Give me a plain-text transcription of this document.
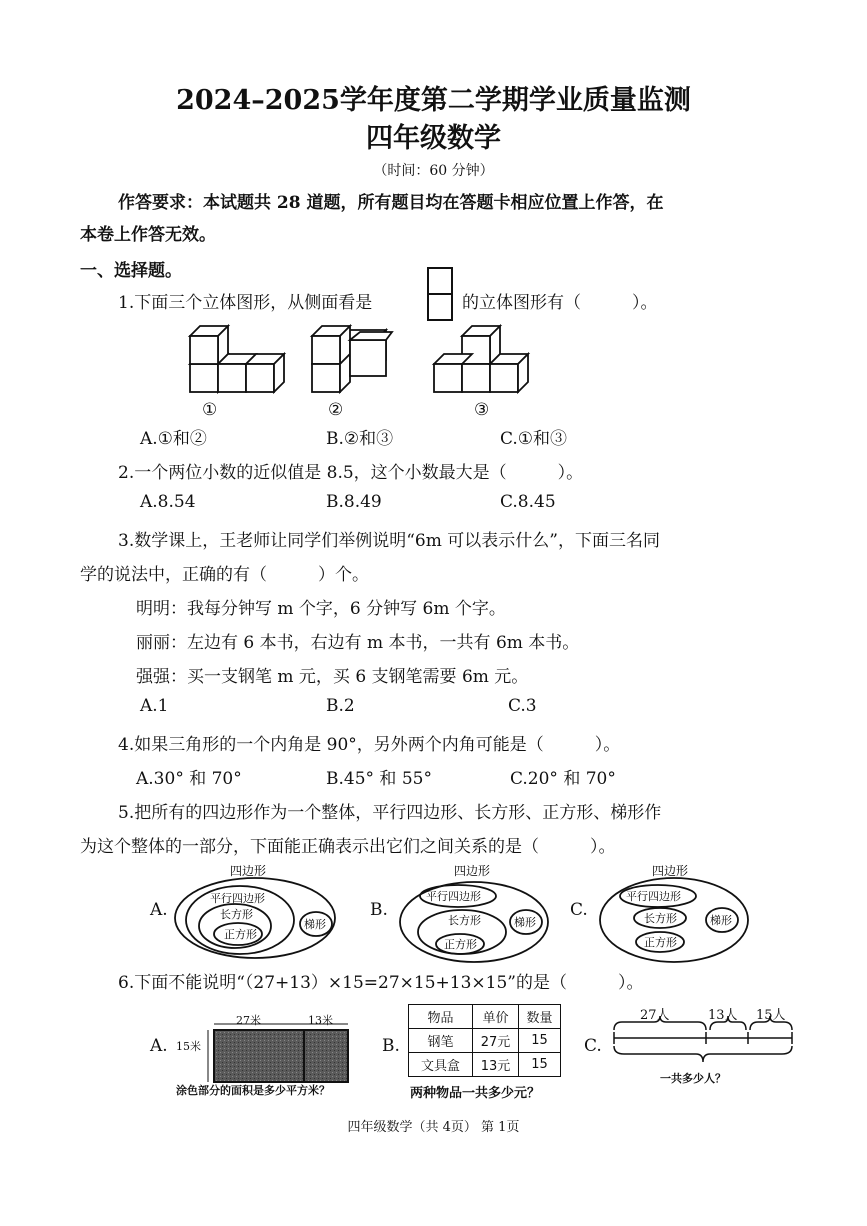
2024–2025学年度第二学期学业质量监测
四年级数学
（时间：60 分钟）
作答要求：本试题共 28 道题，所有题目均在答题卡相应位置上作答，在
本卷上作答无效。
一、选择题。
1.下面三个立体图形，从侧面看是	的立体图形有（　　　）。
①	②	③
A.①和②	B.②和③	C.①和③
2.一个两位小数的近似值是 8.5，这个小数最大是（　　　）。
A.8.54	B.8.49	C.8.45
3.数学课上，王老师让同学们举例说明“6m 可以表示什么”，下面三名同
学的说法中，正确的有（　　　）个。
明明：我每分钟写 m 个字，6 分钟写 6m 个字。
丽丽：左边有 6 本书，右边有 m 本书，一共有 6m 本书。
强强：买一支钢笔 m 元，买 6 支钢笔需要 6m 元。
A.1	B.2	C.3
4.如果三角形的一个内角是 90°，另外两个内角可能是（　　　）。
A.30° 和 70°	B.45° 和 55°	C.20° 和 70°
5.把所有的四边形作为一个整体，平行四边形、长方形、正方形、梯形作
为这个整体的一部分，下面能正确表示出它们之间关系的是（　　　）。
A.	B.	C.
四边形
平行四边形
长方形
正方形
梯形
四边形
平行四边形
长方形
正方形
梯形
四边形
平行四边形
长方形
正方形
梯形
6.下面不能说明“（27+13）×15=27×15+13×15”的是（　　　）。
A.	B.	C.
27米	13米
15米
涂色部分的面积是多少平方米？
物品	单价	数量
钢笔	27元	15
文具盒	13元	15
两种物品一共多少元？
27人	13人 15人
一共多少人？
四年级数学（共 4页） 第 1页
